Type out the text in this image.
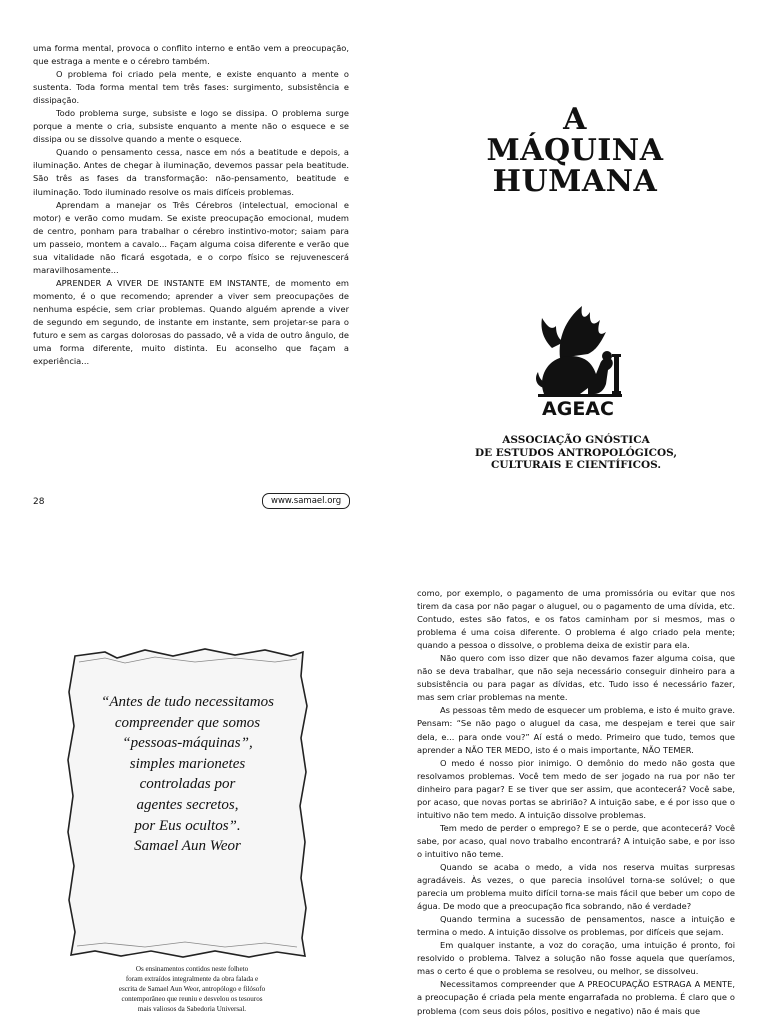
uma forma mental, provoca o conflito interno e então vem a preocupação, que estraga a mente e o cérebro também.

O problema foi criado pela mente, e existe enquanto a mente o sustenta. Toda forma mental tem três fases: surgimento, subsistência e dissipação.

Todo problema surge, subsiste e logo se dissipa. O problema surge porque a mente o cria, subsiste enquanto a mente não o esquece e se dissipa ou se dissolve quando a mente o esquece.

Quando o pensamento cessa, nasce em nós a beatitude e depois, a iluminação. Antes de chegar à iluminação, devemos passar pela beatitude. São três as fases da transformação: não-pensamento, beatitude e iluminação. Todo iluminado resolve os mais difíceis problemas.

Aprendam a manejar os Três Cérebros (intelectual, emocional e motor) e verão como mudam. Se existe preocupação emocional, mudem de centro, ponham para trabalhar o cérebro instintivo-motor; saiam para um passeio, montem a cavalo... Façam alguma coisa diferente e verão que sua vitalidade não ficará esgotada, e o corpo físico se rejuvenescerá maravilhosamente...

APRENDER A VIVER DE INSTANTE EM INSTANTE, de momento em momento, é o que recomendo; aprender a viver sem preocupações de nenhuma espécie, sem criar problemas. Quando alguém aprende a viver de segundo em segundo, de instante em instante, sem projetar-se para o futuro e sem as cargas dolorosas do passado, vê a vida de outro ângulo, de uma forma diferente, muito distinta. Eu aconselho que façam a experiência...

28	www.samael.org
A
MÁQUINA
HUMANA
AGEAC
ASSOCIAÇÃO GNÓSTICA
DE ESTUDOS ANTROPOLÓGICOS,
CULTURAIS E CIENTÍFICOS.
“Antes de tudo necessitamos
compreender que somos
“pessoas-máquinas”,
simples marionetes
controladas por
agentes secretos,
por Eus ocultos”.
Samael Aun Weor
Os ensinamentos contidos neste folheto
foram extraídos integralmente da obra falada e
escrita de Samael Aun Weor, antropólogo e filósofo
contemporâneo que reuniu e desvelou os tesouros
mais valiosos da Sabedoria Universal.

como, por exemplo, o pagamento de uma promissória ou evitar que nos tirem da casa por não pagar o aluguel, ou o pagamento de uma dívida, etc. Contudo, estes são fatos, e os fatos caminham por si mesmos, mas o problema é uma coisa diferente. O problema é algo criado pela mente; quando a pessoa o dissolve, o problema deixa de existir para ela.

Não quero com isso dizer que não devamos fazer alguma coisa, que não se deva trabalhar, que não seja necessário conseguir dinheiro para a subsistência ou para pagar as dívidas, etc. Tudo isso é necessário fazer, mas sem criar problemas na mente.

As pessoas têm medo de esquecer um problema, e isto é muito grave. Pensam: “Se não pago o aluguel da casa, me despejam e terei que sair dela, e... para onde vou?” Aí está o medo. Primeiro que tudo, temos que aprender a NÃO TER MEDO, isto é o mais importante, NÃO TEMER.

O medo é nosso pior inimigo. O demônio do medo não gosta que resolvamos problemas. Você tem medo de ser jogado na rua por não ter dinheiro para pagar? E se tiver que ser assim, que acontecerá? Você sabe, por acaso, que novas portas se abririão? A intuição sabe, e é por isso que o intuitivo não tem medo. A intuição dissolve problemas.

Tem medo de perder o emprego? E se o perde, que acontecerá? Você sabe, por acaso, qual novo trabalho encontrará? A intuição sabe, e por isso o intuitivo não teme.

Quando se acaba o medo, a vida nos reserva muitas surpresas agradáveis. Às vezes, o que parecia insolúvel torna-se solúvel; o que parecia um problema muito difícil torna-se mais fácil que beber um copo de água. De modo que a preocupação fica sobrando, não é verdade?

Quando termina a sucessão de pensamentos, nasce a intuição e termina o medo. A intuição dissolve os problemas, por difíceis que sejam.

Em qualquer instante, a voz do coração, uma intuição é pronto, foi resolvido o problema. Talvez a solução não fosse aquela que queríamos, mas o certo é que o problema se resolveu, ou melhor, se dissolveu.

Necessitamos compreender que A PREOCUPAÇÃO ESTRAGA A MENTE, a preocupação é criada pela mente engarrafada no problema. É claro que o problema (com seus dois pólos, positivo e negativo) não é mais que
